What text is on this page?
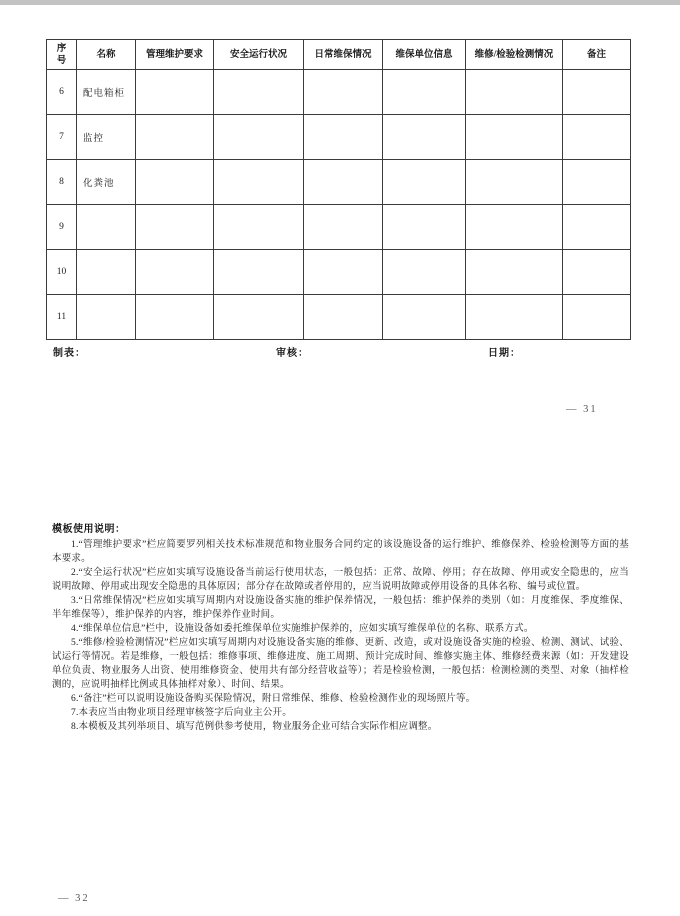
序号	名称	管理维护要求	安全运行状况	日常维保情况	维保单位信息	维修/检验检测情况	备注
6	配电箱柜						
7	监控						
8	化粪池						
9							
10							
11							
制表：	审核：	日期：
— 31
模板使用说明：

1.“管理维护要求”栏应简要罗列相关技术标准规范和物业服务合同约定的该设施设备的运行维护、维修保养、检验检测等方面的基本要求。

2.“安全运行状况”栏应如实填写设施设备当前运行使用状态，一般包括：正常、故障、停用；存在故障、停用或安全隐患的，应当说明故障、停用或出现安全隐患的具体原因；部分存在故障或者停用的，应当说明故障或停用设备的具体名称、编号或位置。

3.“日常维保情况”栏应如实填写周期内对设施设备实施的维护保养情况，一般包括：维护保养的类别（如：月度维保、季度维保、半年维保等），维护保养的内容，维护保养作业时间。

4.“维保单位信息”栏中，设施设备如委托维保单位实施维护保养的，应如实填写维保单位的名称、联系方式。

5.“维修/检验检测情况”栏应如实填写周期内对设施设备实施的维修、更新、改造，或对设施设备实施的检验、检测、测试、试验、试运行等情况。若是维修，一般包括：维修事项、维修进度、施工周期、预计完成时间、维修实施主体、维修经费来源（如：开发建设单位负责、物业服务人出资、使用维修资金、使用共有部分经营收益等）；若是检验检测，一般包括：检测检测的类型、对象（抽样检测的，应说明抽样比例或具体抽样对象）、时间、结果。

6.“备注”栏可以说明设施设备购买保险情况，附日常维保、维修、检验检测作业的现场照片等。

7.本表应当由物业项目经理审核签字后向业主公开。

8.本模板及其列举项目、填写范例供参考使用，物业服务企业可结合实际作相应调整。

— 32
